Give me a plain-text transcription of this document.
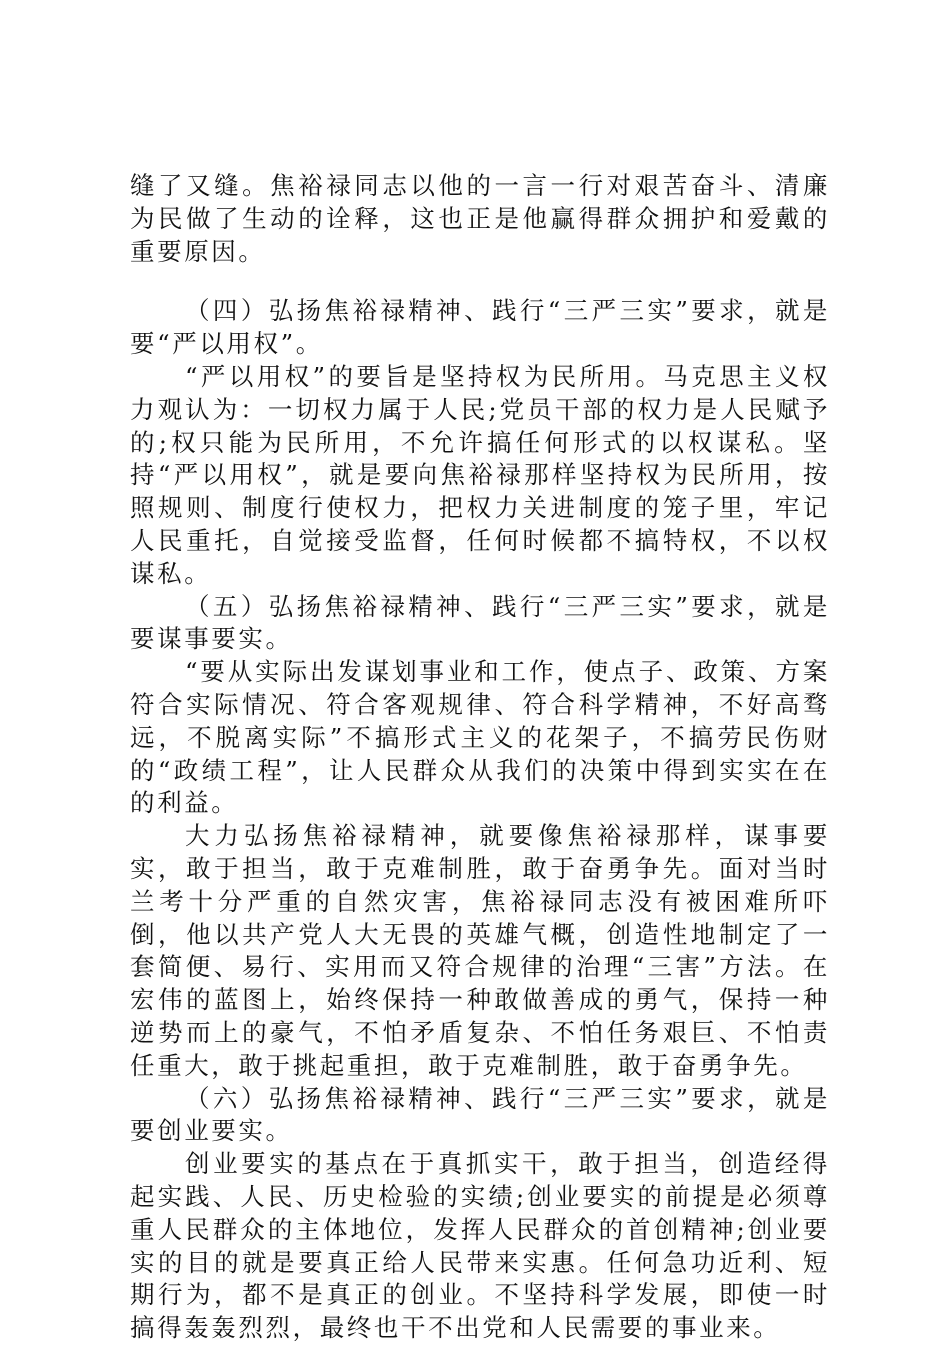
缝了又缝。焦裕禄同志以他的一言一行对艰苦奋斗、清廉为民做了生动的诠释，这也正是他赢得群众拥护和爱戴的重要原因。

（四）弘扬焦裕禄精神、践行“三严三实”要求，就是要“严以用权”。

“严以用权”的要旨是坚持权为民所用。马克思主义权力观认为：一切权力属于人民;党员干部的权力是人民赋予的;权只能为民所用，不允许搞任何形式的以权谋私。坚持“严以用权”，就是要向焦裕禄那样坚持权为民所用，按照规则、制度行使权力，把权力关进制度的笼子里，牢记人民重托，自觉接受监督，任何时候都不搞特权，不以权谋私。

（五）弘扬焦裕禄精神、践行“三严三实”要求，就是要谋事要实。

“要从实际出发谋划事业和工作，使点子、政策、方案符合实际情况、符合客观规律、符合科学精神，不好高骛远，不脱离实际”不搞形式主义的花架子，不搞劳民伤财的“政绩工程”，让人民群众从我们的决策中得到实实在在的利益。

大力弘扬焦裕禄精神，就要像焦裕禄那样，谋事要实，敢于担当，敢于克难制胜，敢于奋勇争先。面对当时兰考十分严重的自然灾害，焦裕禄同志没有被困难所吓倒，他以共产党人大无畏的英雄气概，创造性地制定了一套简便、易行、实用而又符合规律的治理“三害”方法。在宏伟的蓝图上，始终保持一种敢做善成的勇气，保持一种逆势而上的豪气，不怕矛盾复杂、不怕任务艰巨、不怕责任重大，敢于挑起重担，敢于克难制胜，敢于奋勇争先。

（六）弘扬焦裕禄精神、践行“三严三实”要求，就是要创业要实。

创业要实的基点在于真抓实干，敢于担当，创造经得起实践、人民、历史检验的实绩;创业要实的前提是必须尊重人民群众的主体地位，发挥人民群众的首创精神;创业要实的目的就是要真正给人民带来实惠。任何急功近利、短期行为，都不是真正的创业。不坚持科学发展，即使一时搞得轰轰烈烈，最终也干不出党和人民需要的事业来。
